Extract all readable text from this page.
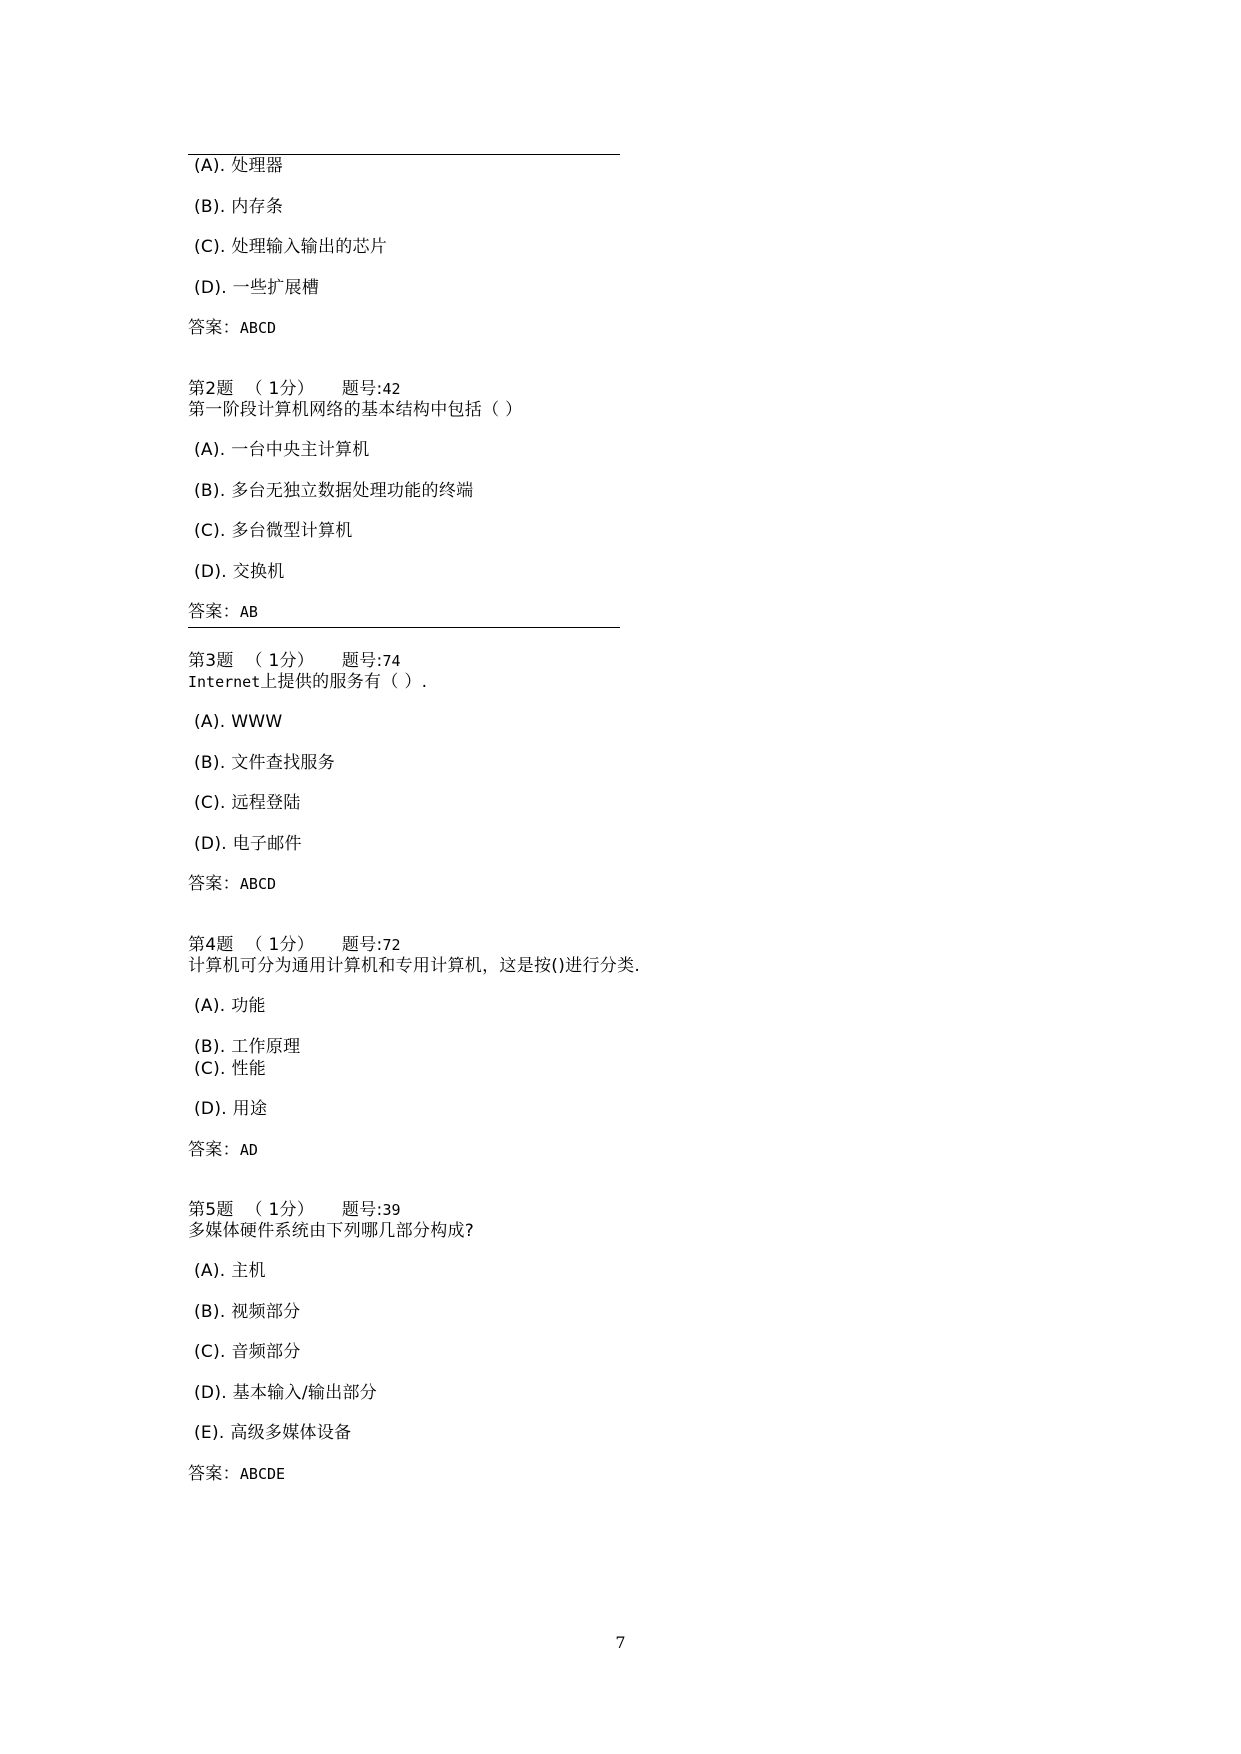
(A). 处理器
(B). 内存条
(C). 处理输入输出的芯片
(D). 一些扩展槽
答案：ABCD
第2题 （ 1分） 题号:42
第一阶段计算机网络的基本结构中包括（ ）
(A). 一台中央主计算机
(B). 多台无独立数据处理功能的终端
(C). 多台微型计算机
(D). 交换机
答案：AB
第3题 （ 1分） 题号:74
Internet上提供的服务有（ ）.
(A). WWW
(B). 文件查找服务
(C). 远程登陆
(D). 电子邮件
答案：ABCD
第4题 （ 1分） 题号:72
计算机可分为通用计算机和专用计算机，这是按()进行分类.
(A). 功能
(B). 工作原理
(C). 性能
(D). 用途
答案：AD
第5题 （ 1分） 题号:39
多媒体硬件系统由下列哪几部分构成?
(A). 主机
(B). 视频部分
(C). 音频部分
(D). 基本输入/输出部分
(E). 高级多媒体设备
答案：ABCDE
7
